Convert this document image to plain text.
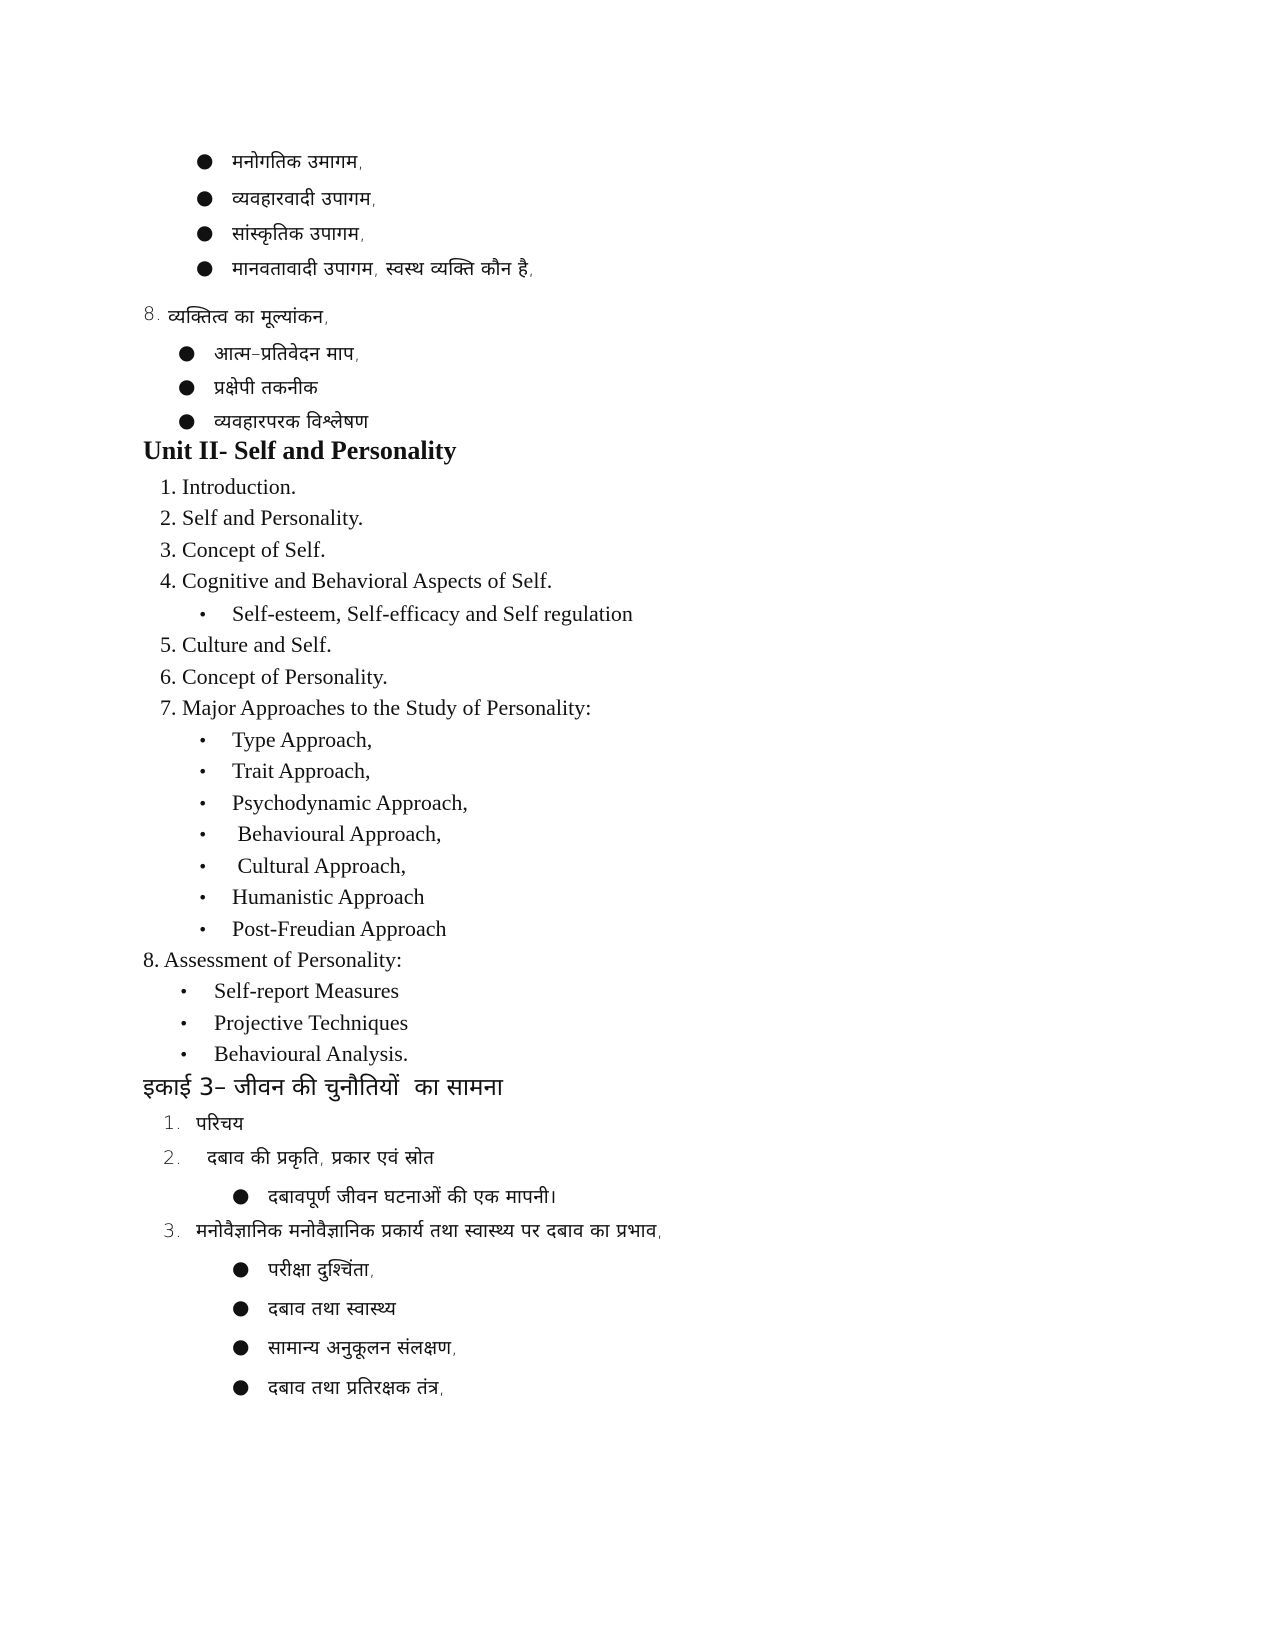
● मनोगतिक उमागम,
● व्यवहारवादी उपागम,
● सांस्कृतिक उपागम,
● मानवतावादी उपागम, स्वस्थ व्यक्ति कौन है,
8. व्यक्तित्व का मूल्यांकन,
● आत्म–प्रतिवेदन माप,
● प्रक्षेपी तकनीक
● व्यवहारपरक विश्लेषण
Unit II- Self and Personality
1. Introduction.
2. Self and Personality.
3. Concept of Self.
4. Cognitive and Behavioral Aspects of Self.
• Self-esteem, Self-efficacy and Self regulation
5. Culture and Self.
6. Concept of Personality.
7. Major Approaches to the Study of Personality:
• Type Approach,
• Trait Approach,
• Psychodynamic Approach,
• Behavioural Approach,
• Cultural Approach,
• Humanistic Approach
• Post-Freudian Approach
8. Assessment of Personality:
• Self-report Measures
• Projective Techniques
• Behavioural Analysis.
इकाई 3– जीवन की चुनौतियों  का सामना
1. परिचय
2. दबाव की प्रकृति, प्रकार एवं स्रोत
● दबावपूर्ण जीवन घटनाओं की एक मापनी।
3. मनोवैज्ञानिक मनोवैज्ञानिक प्रकार्य तथा स्वास्थ्य पर दबाव का प्रभाव,
● परीक्षा दुश्चिंता,
● दबाव तथा स्वास्थ्य
● सामान्य अनुकूलन संलक्षण,
● दबाव तथा प्रतिरक्षक तंत्र,
